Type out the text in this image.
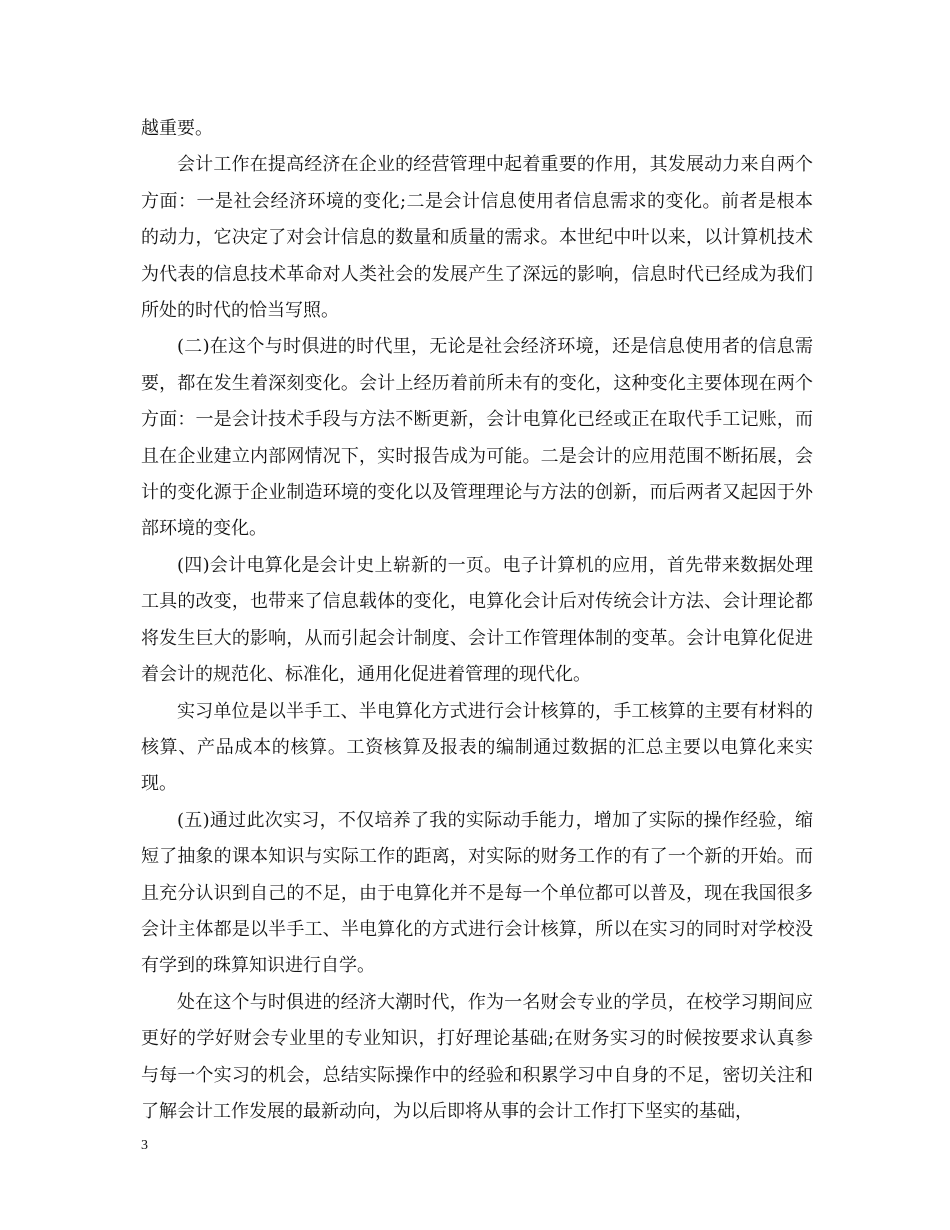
越重要。

会计工作在提高经济在企业的经营管理中起着重要的作用，其发展动力来自两个方面：一是社会经济环境的变化;二是会计信息使用者信息需求的变化。前者是根本的动力，它决定了对会计信息的数量和质量的需求。本世纪中叶以来，以计算机技术为代表的信息技术革命对人类社会的发展产生了深远的影响，信息时代已经成为我们所处的时代的恰当写照。

(二)在这个与时俱进的时代里，无论是社会经济环境，还是信息使用者的信息需要，都在发生着深刻变化。会计上经历着前所未有的变化，这种变化主要体现在两个方面：一是会计技术手段与方法不断更新，会计电算化已经或正在取代手工记账，而且在企业建立内部网情况下，实时报告成为可能。二是会计的应用范围不断拓展，会计的变化源于企业制造环境的变化以及管理理论与方法的创新，而后两者又起因于外部环境的变化。

(四)会计电算化是会计史上崭新的一页。电子计算机的应用，首先带来数据处理工具的改变，也带来了信息载体的变化，电算化会计后对传统会计方法、会计理论都将发生巨大的影响，从而引起会计制度、会计工作管理体制的变革。会计电算化促进着会计的规范化、标准化，通用化促进着管理的现代化。

实习单位是以半手工、半电算化方式进行会计核算的，手工核算的主要有材料的核算、产品成本的核算。工资核算及报表的编制通过数据的汇总主要以电算化来实现。

(五)通过此次实习，不仅培养了我的实际动手能力，增加了实际的操作经验，缩短了抽象的课本知识与实际工作的距离，对实际的财务工作的有了一个新的开始。而且充分认识到自己的不足，由于电算化并不是每一个单位都可以普及，现在我国很多会计主体都是以半手工、半电算化的方式进行会计核算，所以在实习的同时对学校没有学到的珠算知识进行自学。

处在这个与时俱进的经济大潮时代，作为一名财会专业的学员，在校学习期间应更好的学好财会专业里的专业知识，打好理论基础;在财务实习的时候按要求认真参与每一个实习的机会，总结实际操作中的经验和积累学习中自身的不足，密切关注和了解会计工作发展的最新动向，为以后即将从事的会计工作打下坚实的基础，

3
